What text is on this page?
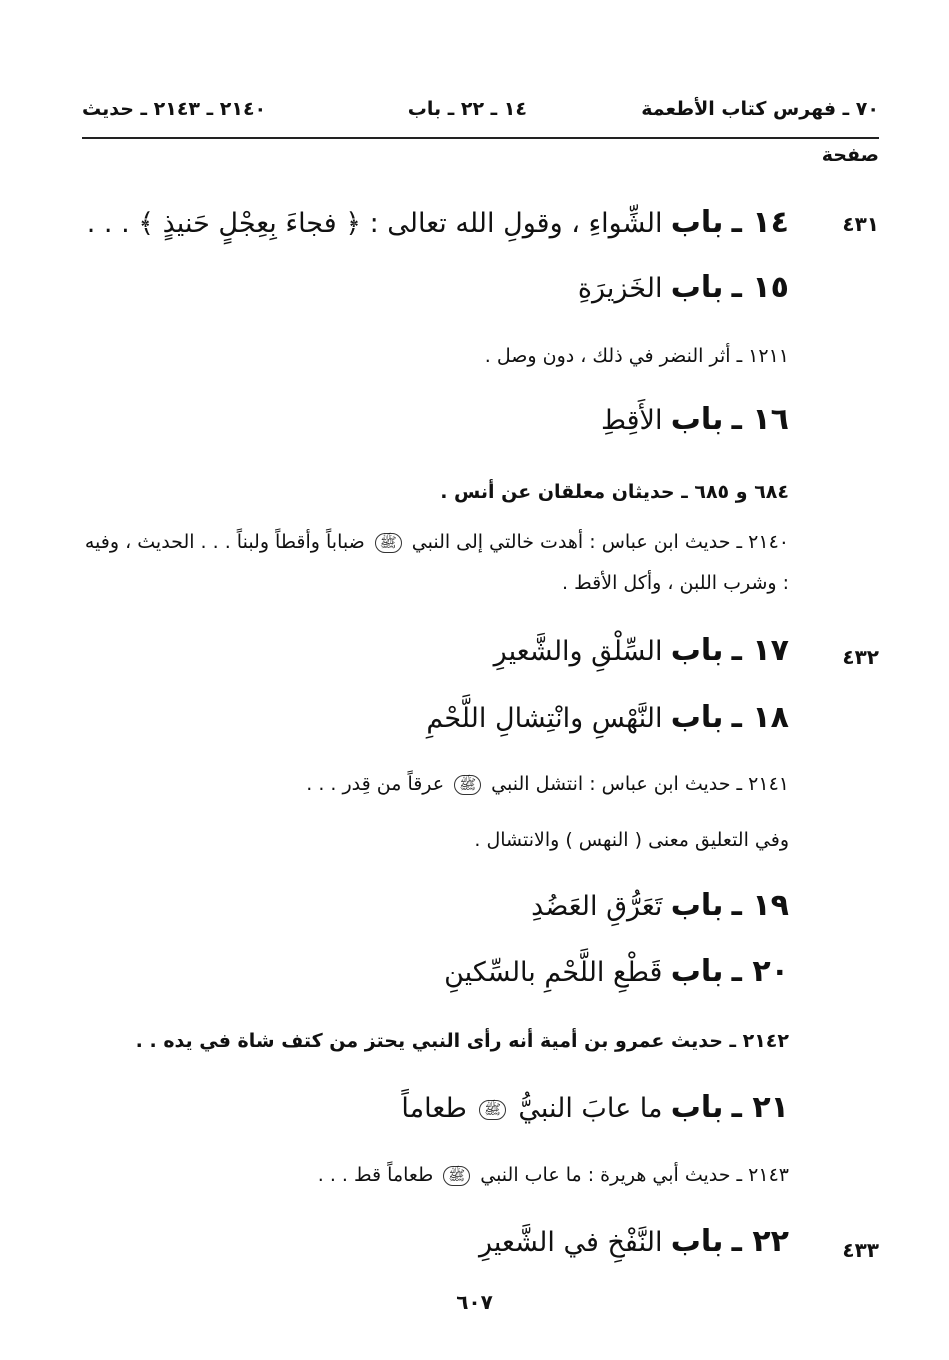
٧٠ ـ فهرس كتاب الأطعمة
١٤ ـ ٢٢ ـ باب
٢١٤٠ ـ ٢١٤٣ ـ حديث
صفحة
٤٣١
١٤ ـ باب الشِّواءِ ، وقولِ الله تعالى : ﴿ فجاءَ بِعِجْلٍ حَنيذٍ ﴾ . . .
١٥ ـ باب الخَزيرَةِ
١٢١١ ـ أثر النضر في ذلك ، دون وصل .
١٦ ـ باب الأَقِطِ
٦٨٤ و ٦٨٥ ـ حديثان معلقان عن أنس .
٢١٤٠ ـ حديث ابن عباس : أهدت خالتي إلى النبي ﷺ ضباباً وأقطاً ولبناً . . . الحديث ، وفيه : وشرب اللبن ، وأكل الأقط .
٤٣٢
١٧ ـ باب السِّلْقِ والشَّعيرِ
١٨ ـ باب النَّهْسِ وانْتِشالِ اللَّحْمِ
٢١٤١ ـ حديث ابن عباس : انتشل النبي ﷺ عرقاً من قِدر . . .
وفي التعليق معنى ( النهس ) والانتشال .
١٩ ـ باب تَعَرُّقِ العَضُدِ
٢٠ ـ باب قَطْعِ اللَّحْمِ بالسِّكينِ
٢١٤٢ ـ حديث عمرو بن أمية أنه رأى النبي يحتز من كتف شاة في يده . .
٢١ ـ باب ما عابَ النبيُّ ﷺ طعاماً
٢١٤٣ ـ حديث أبي هريرة : ما عاب النبي ﷺ طعاماً قط . . .
٤٣٣
٢٢ ـ باب النَّفْخِ في الشَّعيرِ
٦٠٧
